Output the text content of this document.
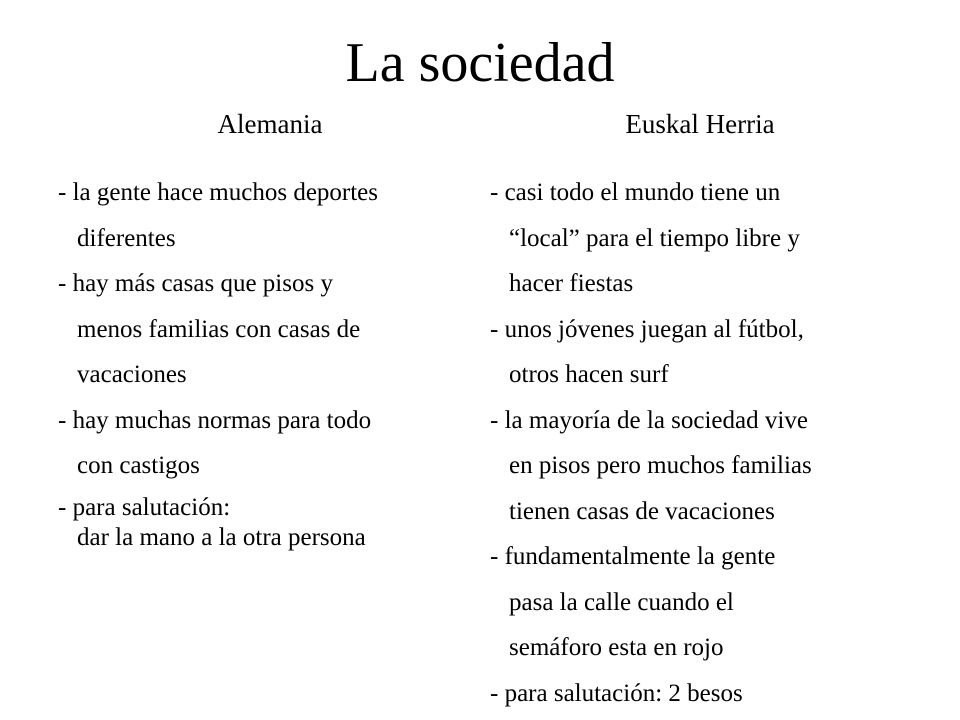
La sociedad
Alemania	Euskal Herria
- la gente hace muchos deportes
diferentes
- hay más casas que pisos y
menos familias con casas de
vacaciones
- hay muchas normas para todo
con castigos
- para salutación:
dar la mano a la otra persona
- casi todo el mundo tiene un
“local” para el tiempo libre y
hacer fiestas
- unos jóvenes juegan al fútbol,
otros hacen surf
- la mayoría de la sociedad vive
en pisos pero muchos familias
tienen casas de vacaciones
- fundamentalmente la gente
pasa la calle cuando el
semáforo esta en rojo
- para salutación: 2 besos
